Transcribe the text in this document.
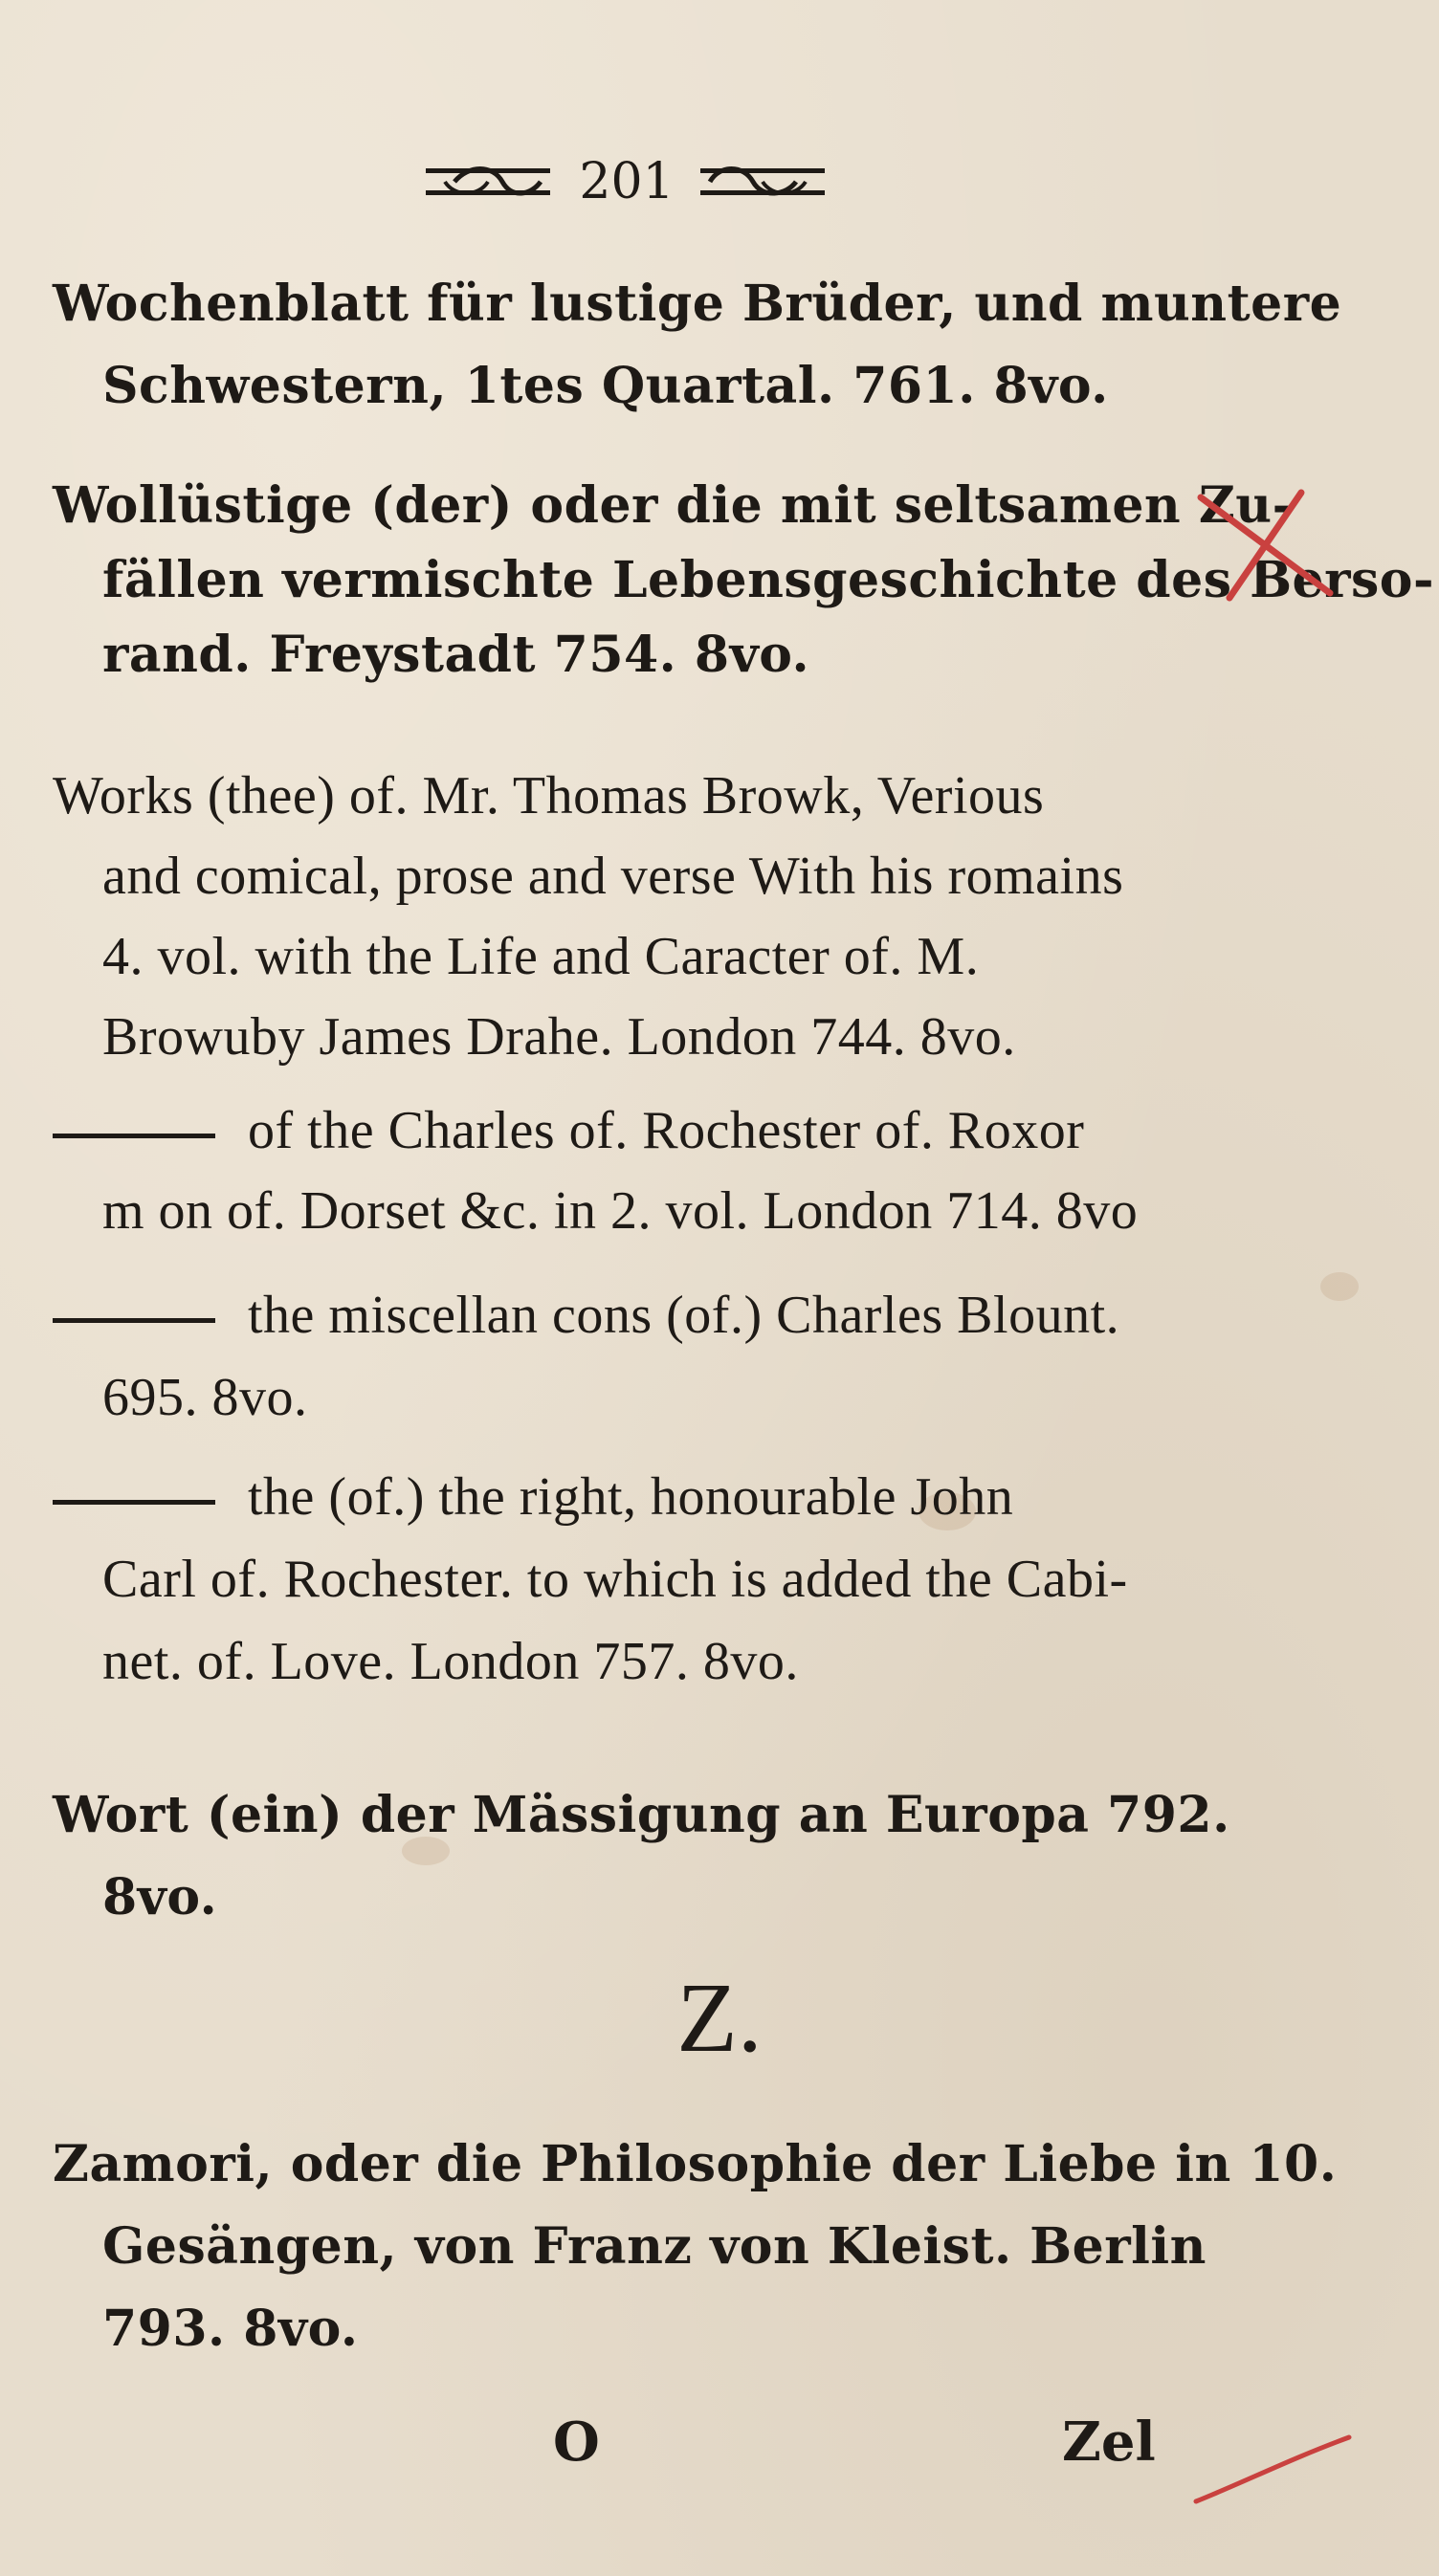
201
Wochenblatt für lustige Brüder, und muntere
Schwestern, 1tes Quartal. 761. 8vo.
Wollüstige (der) oder die mit seltsamen Zu-
fällen vermischte Lebensgeschichte des Berso-
rand. Freystadt 754. 8vo.
Works (thee) of. Mr. Thomas Browk, Verious
and comical, prose and verse With his romains
4. vol. with the Life and Caracter of. M.
Browuby James Drahe. London 744. 8vo.
of the Charles of. Rochester of. Roxor
m on of. Dorset &c. in 2. vol. London 714. 8vo
the miscellan cons (of.) Charles Blount.
695. 8vo.
the (of.) the right, honourable John
Carl of. Rochester. to which is added the Cabi-
net. of. Love. London 757. 8vo.
Wort (ein) der Mässigung an Europa 792.
8vo.
Z.
Zamori, oder die Philosophie der Liebe in 10.
Gesängen, von Franz von Kleist. Berlin
793. 8vo.
O	Zel
